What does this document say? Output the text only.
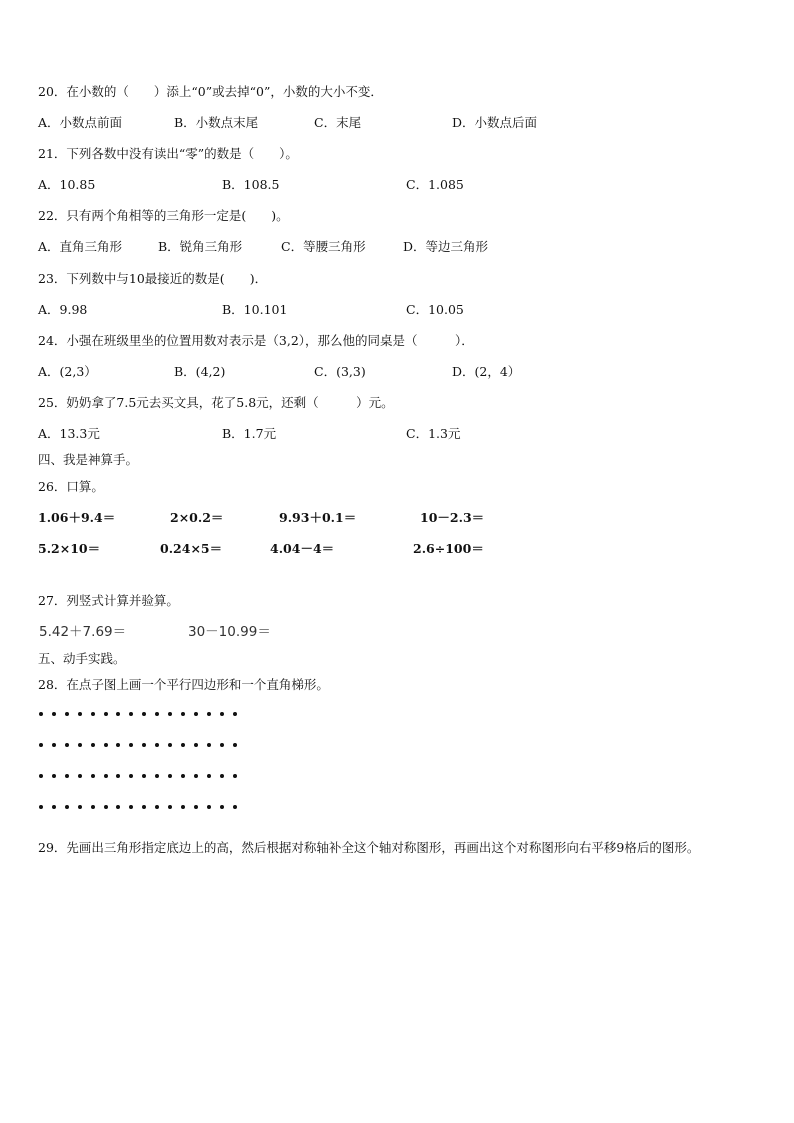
20．在小数的（　　）添上“0”或去掉“0”，小数的大小不变．
A．小数点前面	B．小数点末尾	C．末尾	D．小数点后面
21．下列各数中没有读出“零”的数是（　　）。
A．10.85	B．108.5	C．1.085
22．只有两个角相等的三角形一定是(　　)。
A．直角三角形	B．锐角三角形	C．等腰三角形	D．等边三角形
23．下列数中与10最接近的数是(　　)．
A．9.98	B．10.101	C．10.05
24．小强在班级里坐的位置用数对表示是（3,2），那么他的同桌是（　　　）．
A．(2,3）	B．(4,2)	C．(3,3)	D．(2，4）
25．奶奶拿了7.5元去买文具，花了5.8元，还剩（　　　）元。
A．13.3元	B．1.7元	C．1.3元
四、我是神算手。
26．口算。
1.06＋9.4＝	2×0.2＝	9.93＋0.1＝	10－2.3＝
5.2×10＝	0.24×5＝	4.04－4＝	2.6÷100＝
27．列竖式计算并验算。
5.42＋7.69＝	30－10.99＝
五、动手实践。
28．在点子图上画一个平行四边形和一个直角梯形。
29．先画出三角形指定底边上的高，然后根据对称轴补全这个轴对称图形，再画出这个对称图形向右平移9格后的图形。
